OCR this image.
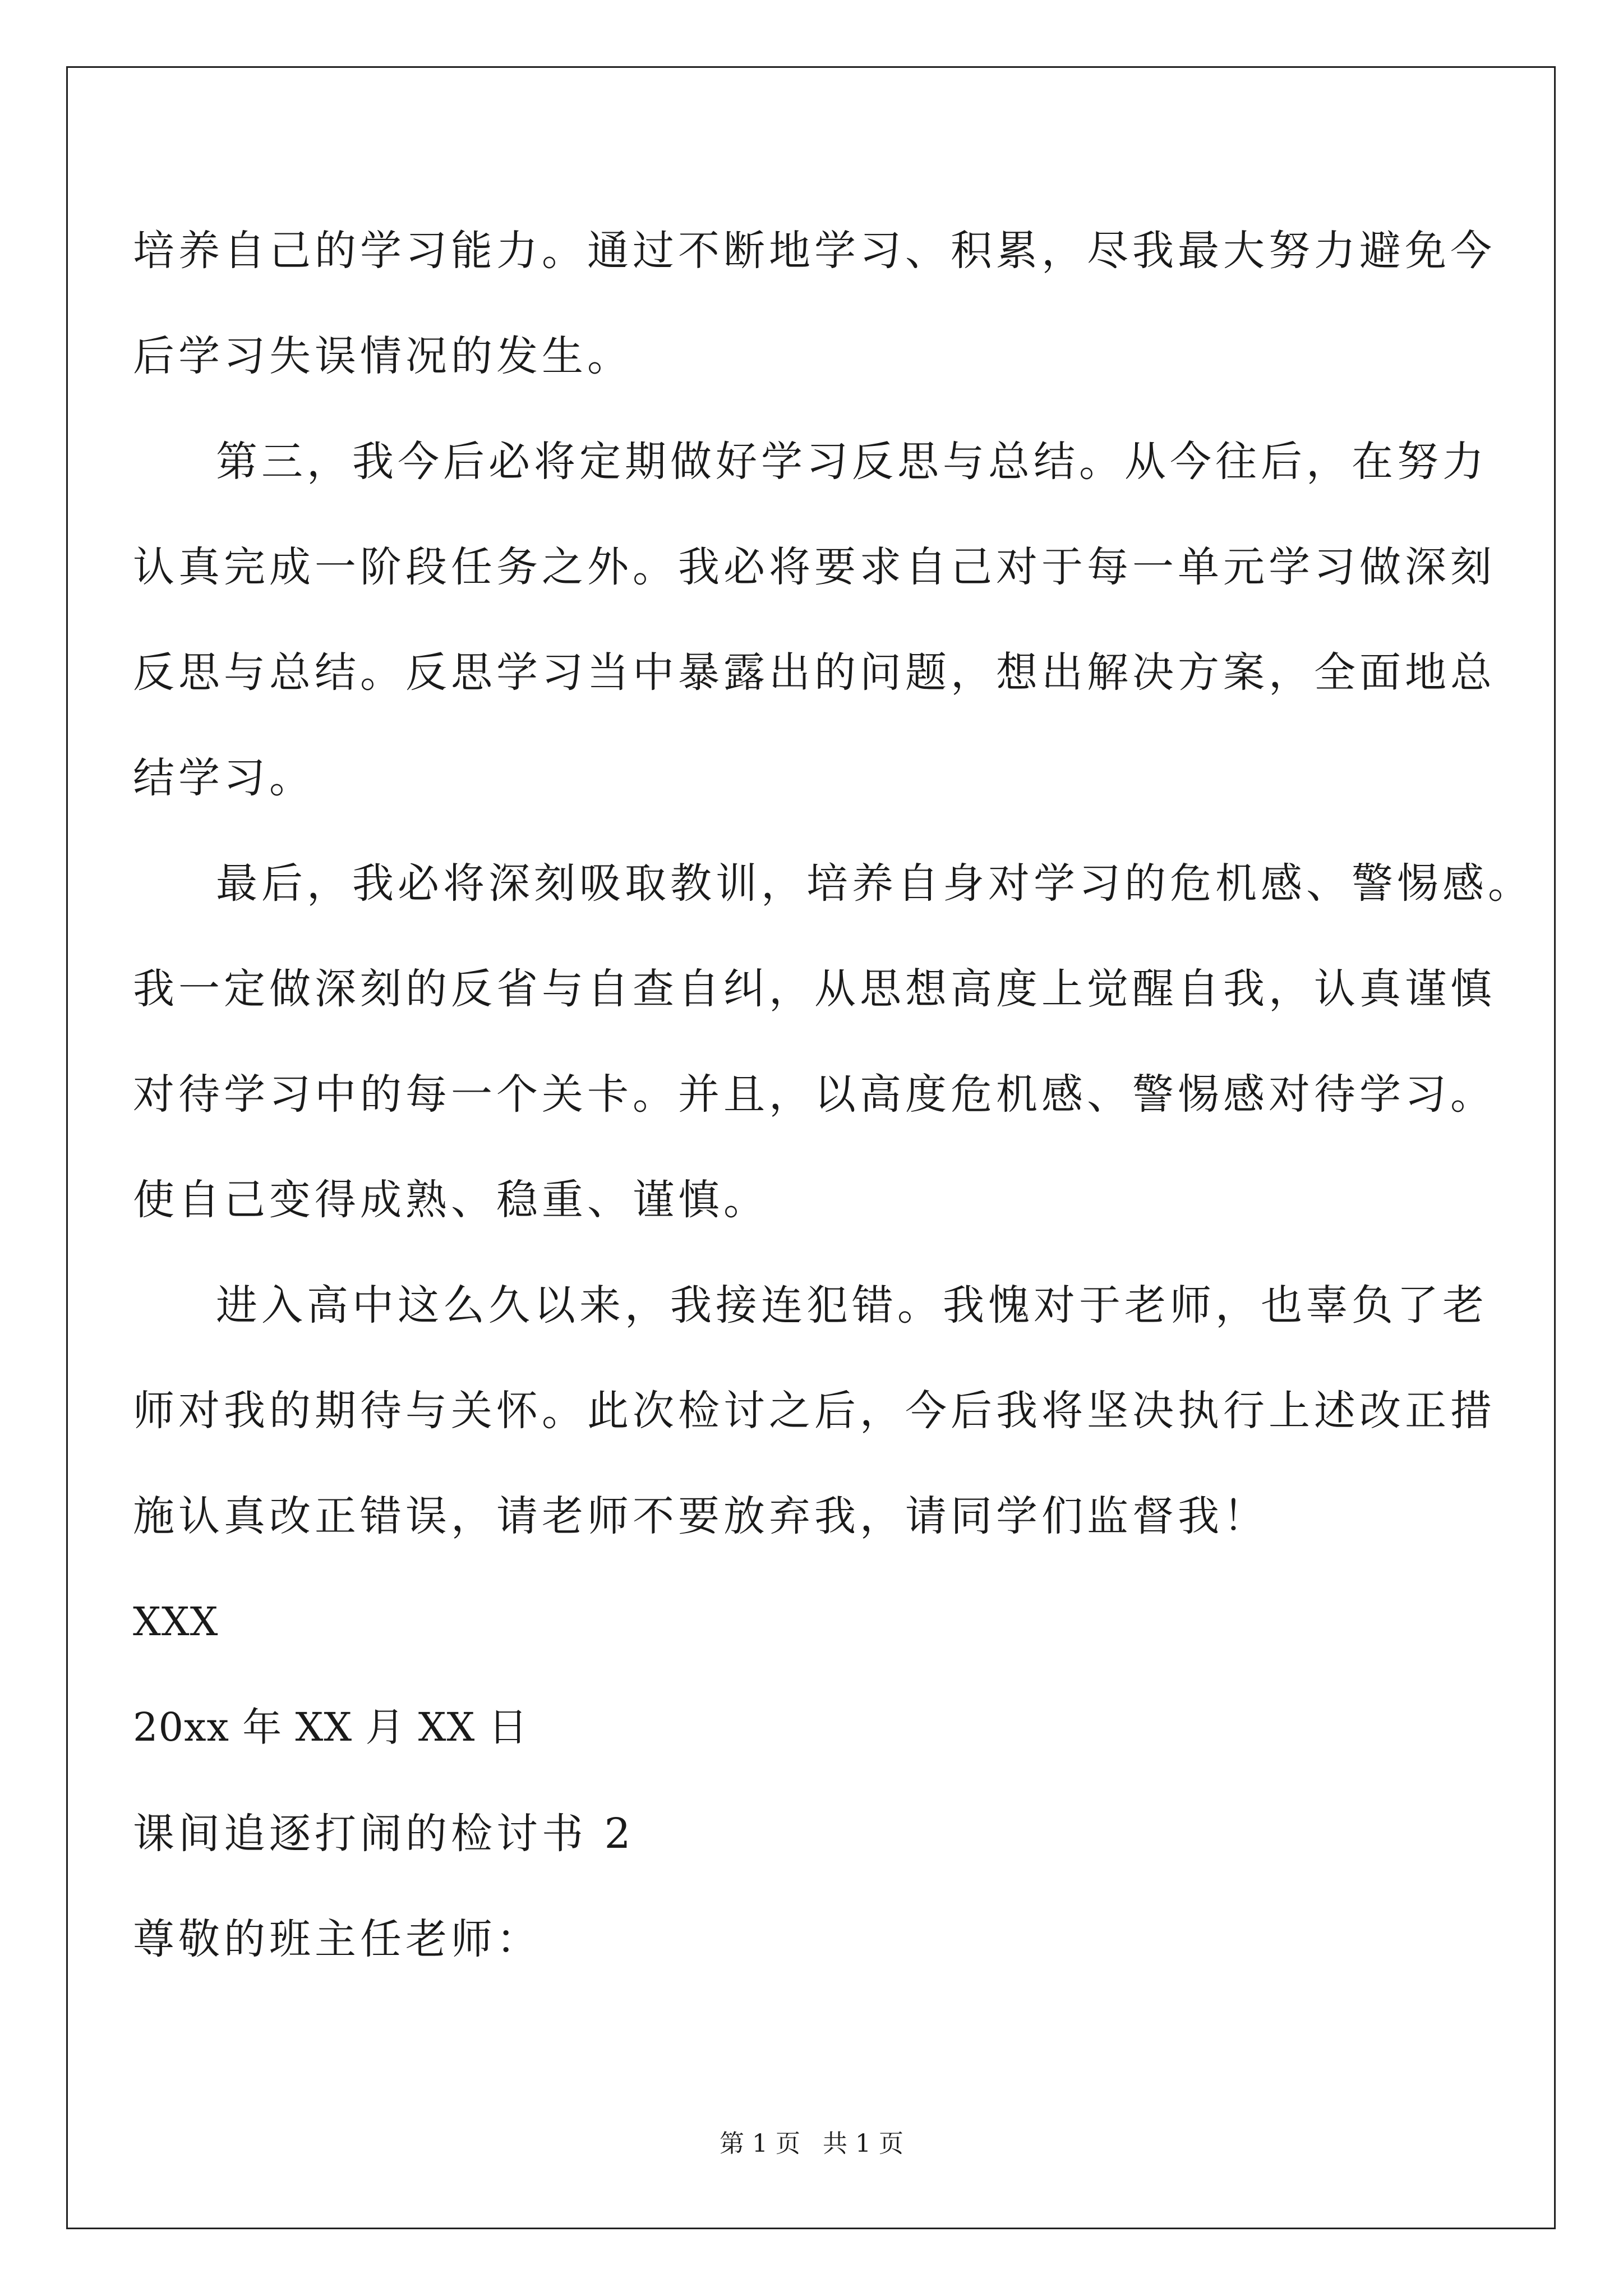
培养自己的学习能力。通过不断地学习、积累，尽我最大努力避免今
后学习失误情况的发生。
第三，我今后必将定期做好学习反思与总结。从今往后，在努力
认真完成一阶段任务之外。我必将要求自己对于每一单元学习做深刻
反思与总结。反思学习当中暴露出的问题，想出解决方案，全面地总
结学习。
最后，我必将深刻吸取教训，培养自身对学习的危机感、警惕感。
我一定做深刻的反省与自查自纠，从思想高度上觉醒自我，认真谨慎
对待学习中的每一个关卡。并且，以高度危机感、警惕感对待学习。
使自己变得成熟、稳重、谨慎。
进入高中这么久以来，我接连犯错。我愧对于老师，也辜负了老
师对我的期待与关怀。此次检讨之后，今后我将坚决执行上述改正措
施认真改正错误，请老师不要放弃我，请同学们监督我！
XXX
20xx 年 XX 月 XX 日
课间追逐打闹的检讨书 2
尊敬的班主任老师：
第 1 页 共 1 页
